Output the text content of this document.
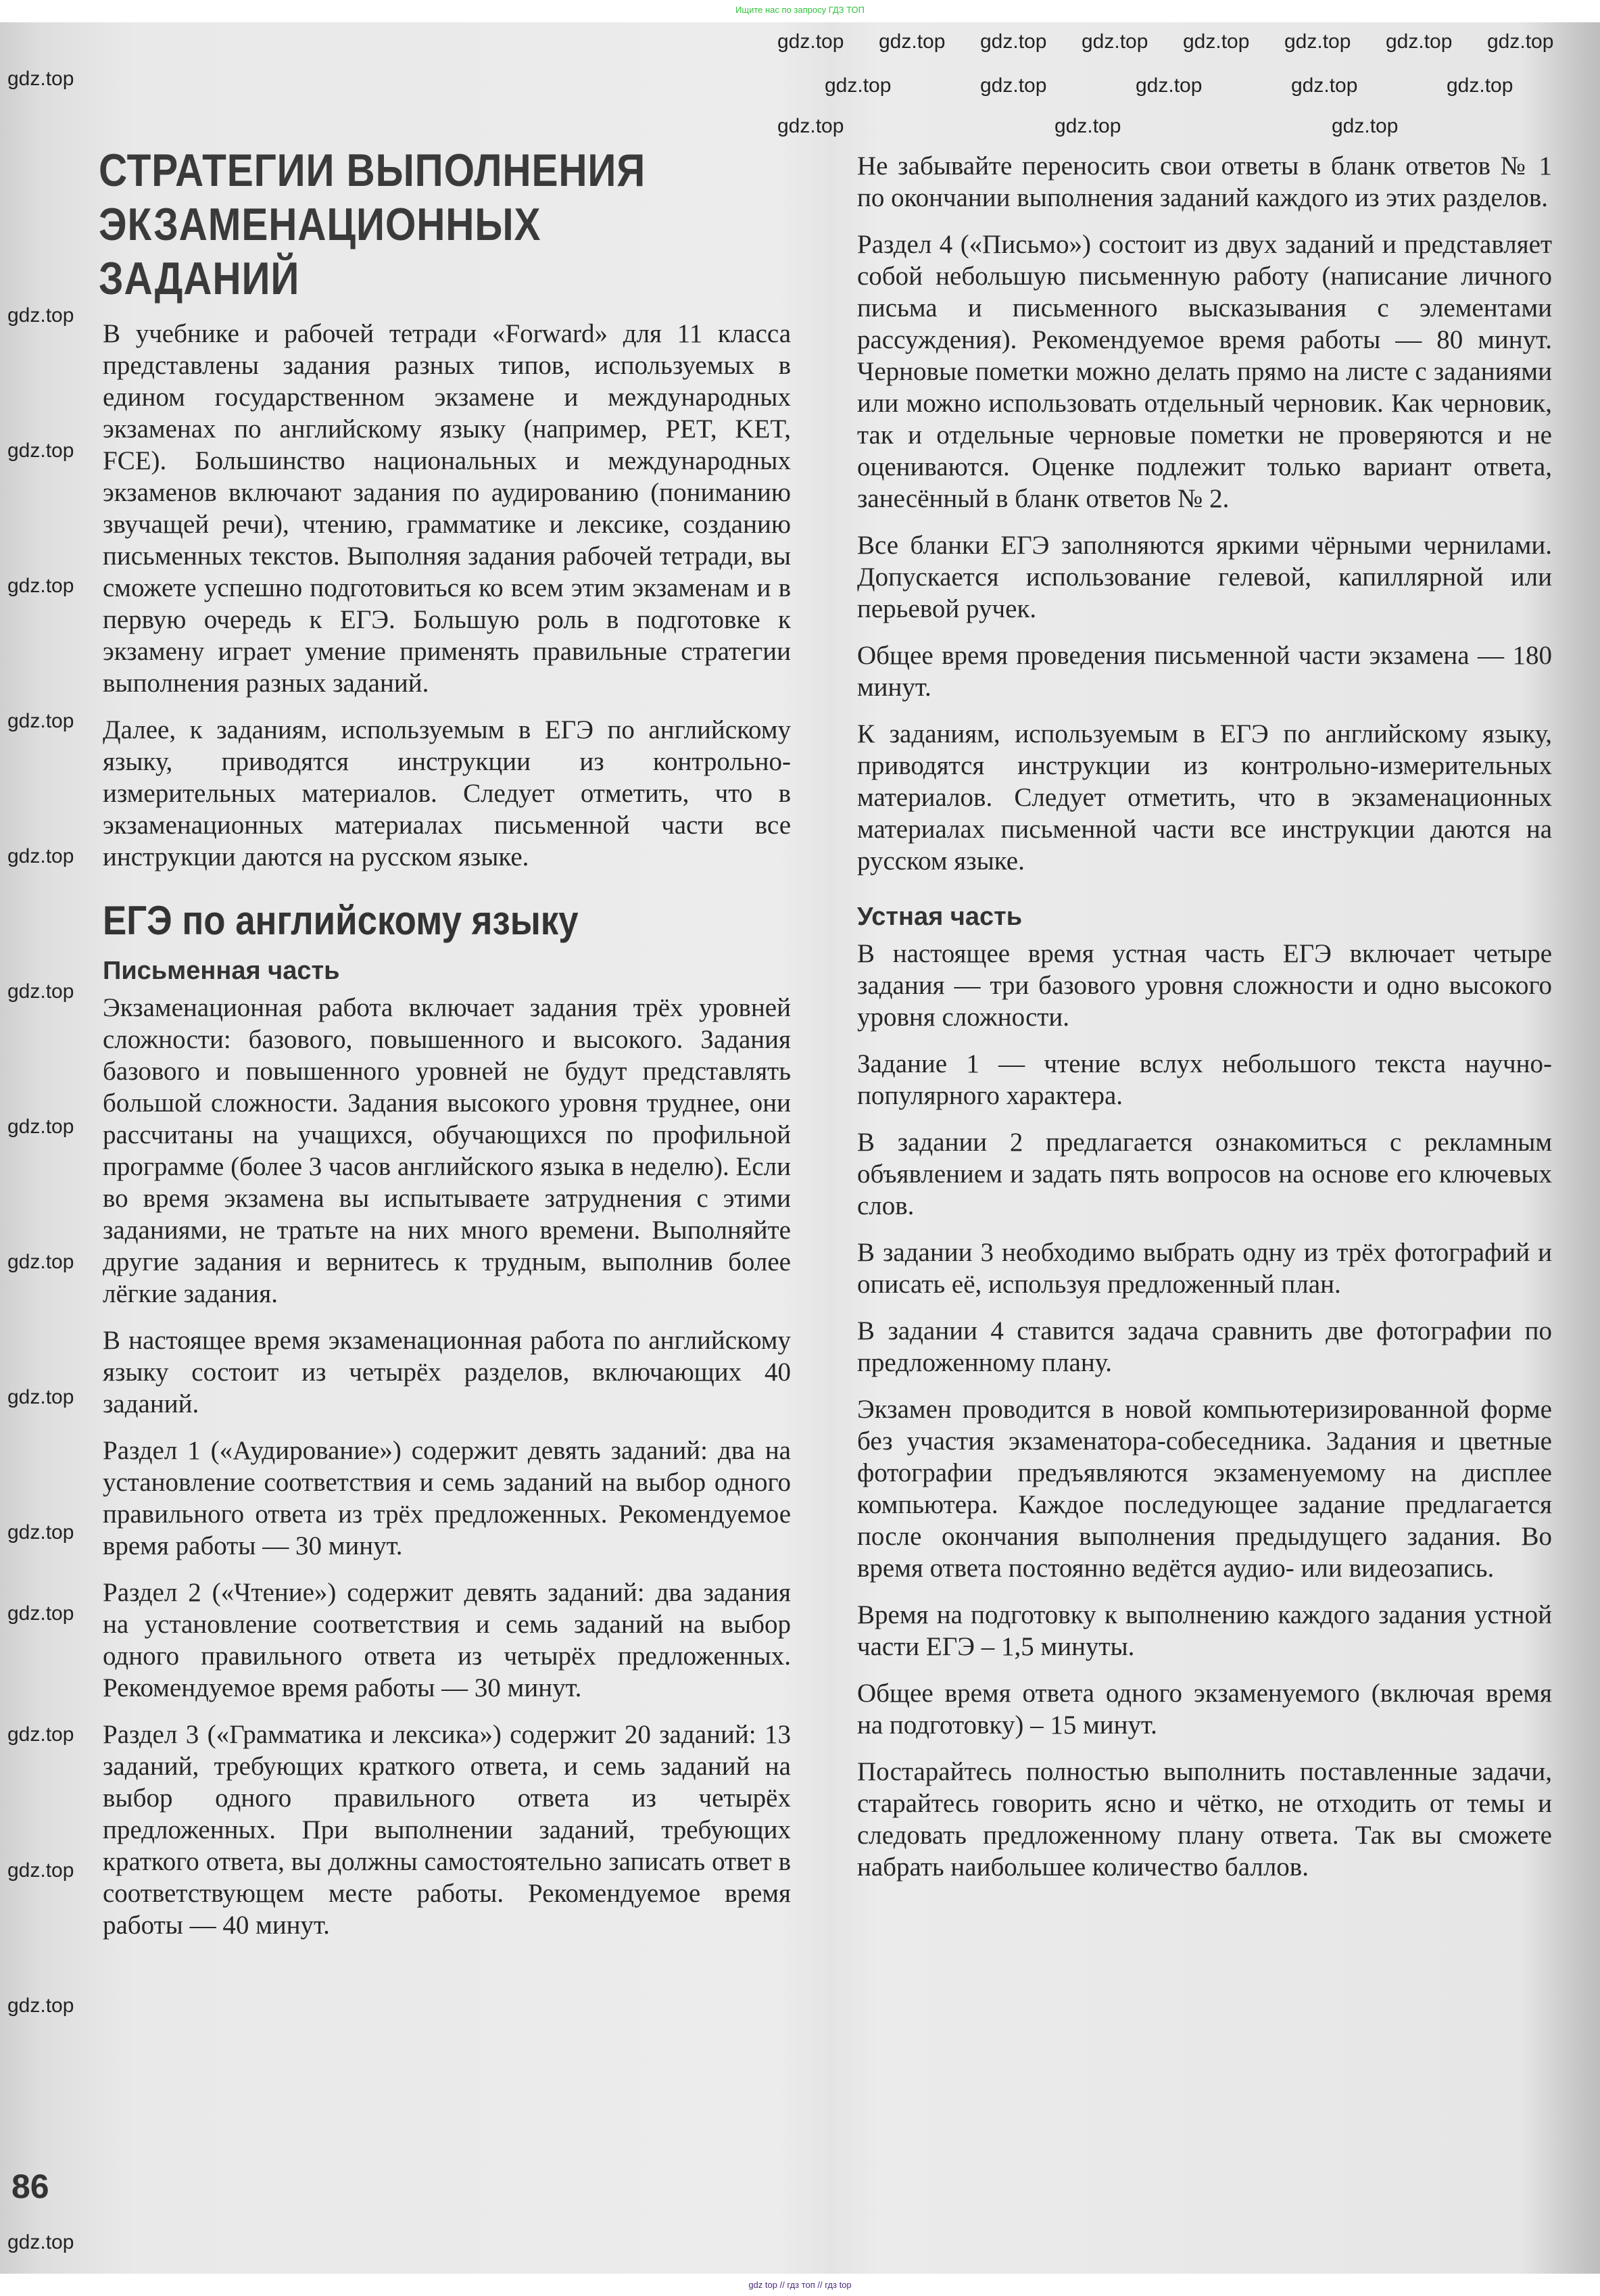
Ищите нас по запросу ГДЗ ТОП
СТРАТЕГИИ ВЫПОЛНЕНИЯ
ЭКЗАМЕНАЦИОННЫХ
ЗАДАНИЙ

В учебнике и рабочей тетради «Forward» для 11 класса представлены задания разных типов, используемых в едином государственном экзамене и международных экзаменах по английскому языку (например, PET, KET, FCE). Большинство национальных и международных экзаменов включают задания по аудированию (пониманию звучащей речи), чтению, грамматике и лексике, созданию письменных текстов. Выполняя задания рабочей тетради, вы сможете успешно подготовиться ко всем этим экзаменам и в первую очередь к ЕГЭ. Большую роль в подготовке к экзамену играет умение применять правильные стратегии выполнения разных заданий.

Далее, к заданиям, используемым в ЕГЭ по английскому языку, приводятся инструкции из контрольно-измерительных материалов. Следует отметить, что в экзаменационных материалах письменной части все инструкции даются на русском языке.

ЕГЭ по английскому языку
Письменная часть

Экзаменационная работа включает задания трёх уровней сложности: базового, повышенного и высокого. Задания базового и повышенного уровней не будут представлять большой сложности. Задания высокого уровня труднее, они рассчитаны на учащихся, обучающихся по профильной программе (более 3 часов английского языка в неделю). Если во время экзамена вы испытываете затруднения с этими заданиями, не тратьте на них много времени. Выполняйте другие задания и вернитесь к трудным, выполнив более лёгкие задания.

В настоящее время экзаменационная работа по английскому языку состоит из четырёх разделов, включающих 40 заданий.

Раздел 1 («Аудирование») содержит девять заданий: два на установление соответствия и семь заданий на выбор одного правильного ответа из трёх предложенных. Рекомендуемое время работы — 30 минут.

Раздел 2 («Чтение») содержит девять заданий: два задания на установление соответствия и семь заданий на выбор одного правильного ответа из четырёх предложенных. Рекомендуемое время работы — 30 минут.

Раздел 3 («Грамматика и лексика») содержит 20 заданий: 13 заданий, требующих краткого ответа, и семь заданий на выбор одного правильного ответа из четырёх предложенных. При выполнении заданий, требующих краткого ответа, вы должны самостоятельно записать ответ в соответствующем месте работы. Рекомендуемое время работы — 40 минут.

Не забывайте переносить свои ответы в бланк ответов № 1 по окончании выполнения заданий каждого из этих разделов.

Раздел 4 («Письмо») состоит из двух заданий и представляет собой небольшую письменную работу (написание личного письма и письменного высказывания с элементами рассуждения). Рекомендуемое время работы — 80 минут. Черновые пометки можно делать прямо на листе с заданиями или можно использовать отдельный черновик. Как черновик, так и отдельные черновые пометки не проверяются и не оцениваются. Оценке подлежит только вариант ответа, занесённый в бланк ответов № 2.

Все бланки ЕГЭ заполняются яркими чёрными чернилами. Допускается использование гелевой, капиллярной или перьевой ручек.

Общее время проведения письменной части экзамена — 180 минут.

К заданиям, используемым в ЕГЭ по английскому языку, приводятся инструкции из контрольно-измерительных материалов. Следует отметить, что в экзаменационных материалах письменной части все инструкции даются на русском языке.

Устная часть

В настоящее время устная часть ЕГЭ включает четыре задания — три базового уровня сложности и одно высокого уровня сложности.

Задание 1 — чтение вслух небольшого текста научно-популярного характера.

В задании 2 предлагается ознакомиться с рекламным объявлением и задать пять вопросов на основе его ключевых слов.

В задании 3 необходимо выбрать одну из трёх фотографий и описать её, используя предложенный план.

В задании 4 ставится задача сравнить две фотографии по предложенному плану.

Экзамен проводится в новой компьютеризированной форме без участия экзаменатора-собеседника. Задания и цветные фотографии предъявляются экзаменуемому на дисплее компьютера. Каждое последующее задание предлагается после окончания выполнения предыдущего задания. Во время ответа постоянно ведётся аудио- или видеозапись.

Время на подготовку к выполнению каждого задания устной части ЕГЭ – 1,5 минуты.

Общее время ответа одного экзаменуемого (включая время на подготовку) – 15 минут.

Постарайтесь полностью выполнить поставленные задачи, старайтесь говорить ясно и чётко, не отходить от темы и следовать предложенному плану ответа. Так вы сможете набрать наибольшее количество баллов.

86
gdz.top gdz.top gdz.top gdz.top gdz.top gdz.top gdz.top gdz.top
gdz.top	gdz.top	gdz.top	gdz.top	gdz.top
gdz.top	gdz.top	gdz.top
gdz.top
gdz.top
gdz.top
gdz.top
gdz.top
gdz.top
gdz.top
gdz.top
gdz.top
gdz.top
gdz.top
gdz.top
gdz.top
gdz.top
gdz.top
gdz.top
gdz top // гдз топ // гдз top
